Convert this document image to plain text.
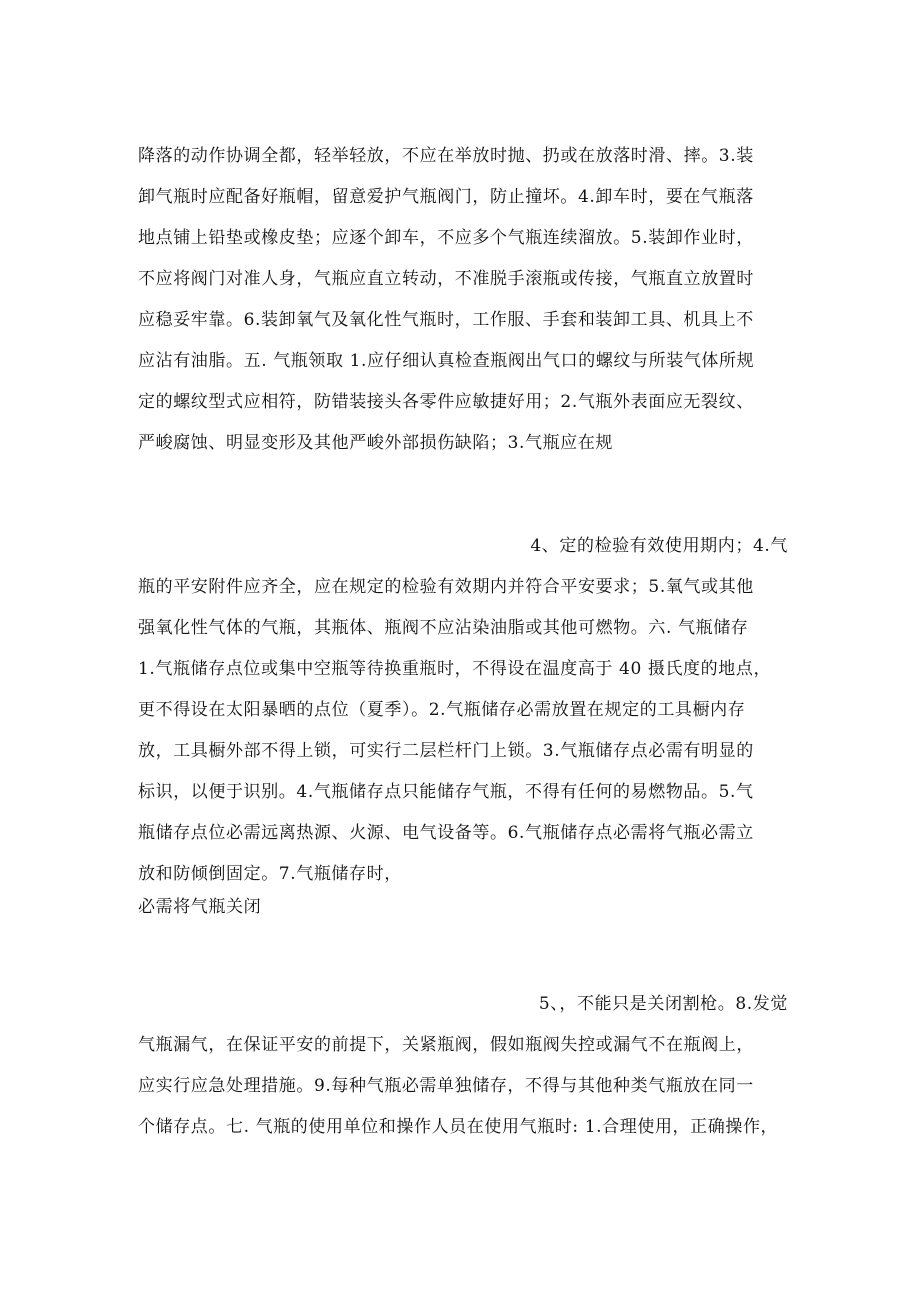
降落的动作协调全都，轻举轻放，不应在举放时抛、扔或在放落时滑、摔。3.装
卸气瓶时应配备好瓶帽，留意爱护气瓶阀门，防止撞坏。4.卸车时，要在气瓶落
地点铺上铅垫或橡皮垫；应逐个卸车，不应多个气瓶连续溜放。5.装卸作业时，
不应将阀门对准人身，气瓶应直立转动，不准脱手滚瓶或传接，气瓶直立放置时
应稳妥牢靠。6.装卸氧气及氧化性气瓶时，工作服、手套和装卸工具、机具上不
应沾有油脂。五. 气瓶领取 1.应仔细认真检查瓶阀出气口的螺纹与所装气体所规
定的螺纹型式应相符，防错装接头各零件应敏捷好用；2.气瓶外表面应无裂纹、
严峻腐蚀、明显变形及其他严峻外部损伤缺陷；3.气瓶应在规
4、定的检验有效使用期内；4.气
瓶的平安附件应齐全，应在规定的检验有效期内并符合平安要求；5.氧气或其他
强氧化性气体的气瓶，其瓶体、瓶阀不应沾染油脂或其他可燃物。六. 气瓶储存
1.气瓶储存点位或集中空瓶等待换重瓶时，不得设在温度高于 40 摄氏度的地点，
更不得设在太阳暴晒的点位（夏季）。2.气瓶储存必需放置在规定的工具橱内存
放，工具橱外部不得上锁，可实行二层栏杆门上锁。3.气瓶储存点必需有明显的
标识，以便于识别。4.气瓶储存点只能储存气瓶，不得有任何的易燃物品。5.气
瓶储存点位必需远离热源、火源、电气设备等。6.气瓶储存点必需将气瓶必需立
放和防倾倒固定。7.气瓶储存时，
必需将气瓶关闭
5、，不能只是关闭割枪。8.发觉
气瓶漏气，在保证平安的前提下，关紧瓶阀，假如瓶阀失控或漏气不在瓶阀上，
应实行应急处理措施。9.每种气瓶必需单独储存，不得与其他种类气瓶放在同一
个储存点。七. 气瓶的使用单位和操作人员在使用气瓶时: 1.合理使用，正确操作，
